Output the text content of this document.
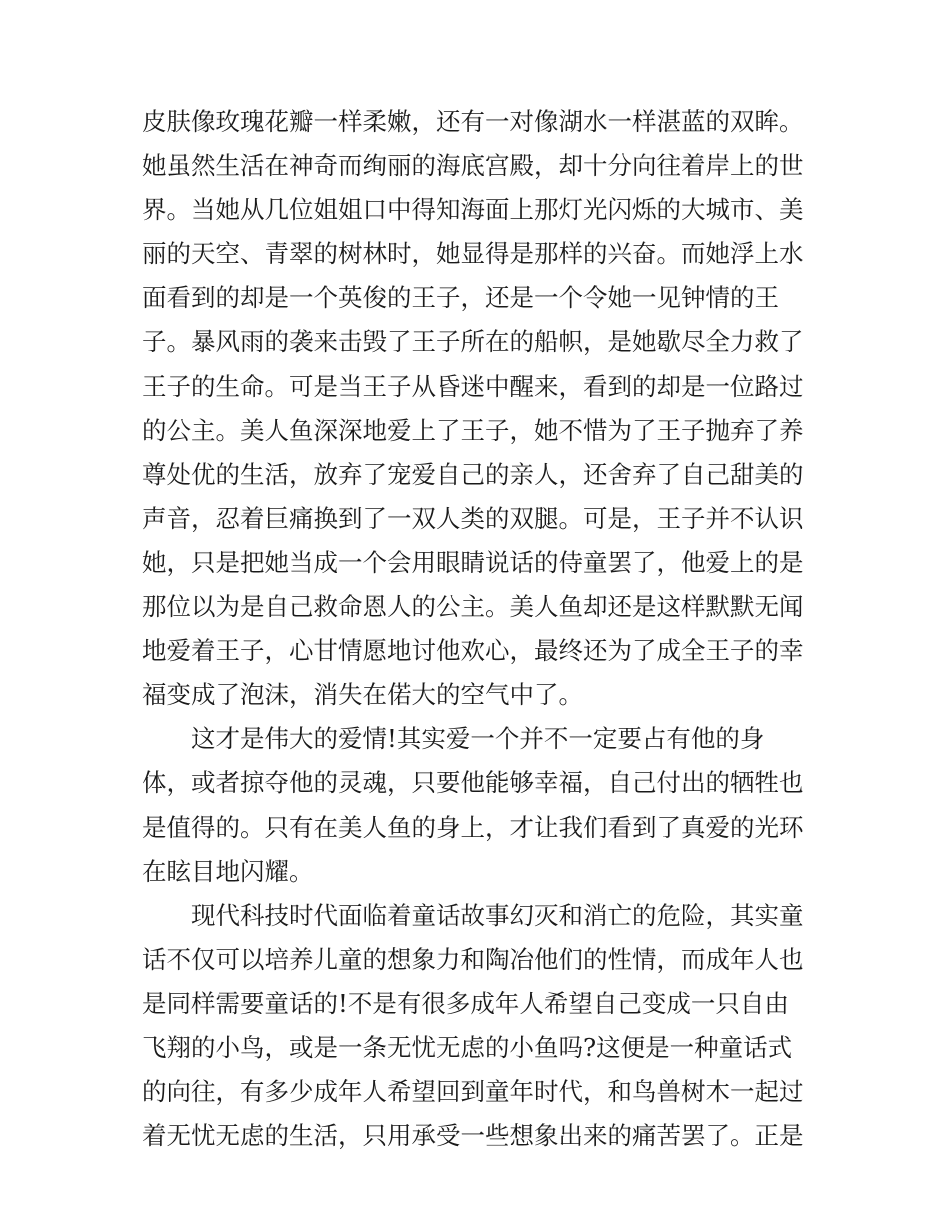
皮肤像玫瑰花瓣一样柔嫩，还有一对像湖水一样湛蓝的双眸。
她虽然生活在神奇而绚丽的海底宫殿，却十分向往着岸上的世
界。当她从几位姐姐口中得知海面上那灯光闪烁的大城市、美
丽的天空、青翠的树林时，她显得是那样的兴奋。而她浮上水
面看到的却是一个英俊的王子，还是一个令她一见钟情的王
子。暴风雨的袭来击毁了王子所在的船帜，是她歇尽全力救了
王子的生命。可是当王子从昏迷中醒来，看到的却是一位路过
的公主。美人鱼深深地爱上了王子，她不惜为了王子抛弃了养
尊处优的生活，放弃了宠爱自己的亲人，还舍弃了自己甜美的
声音，忍着巨痛换到了一双人类的双腿。可是，王子并不认识
她，只是把她当成一个会用眼睛说话的侍童罢了，他爱上的是
那位以为是自己救命恩人的公主。美人鱼却还是这样默默无闻
地爱着王子，心甘情愿地讨他欢心，最终还为了成全王子的幸
福变成了泡沫，消失在偌大的空气中了。
这才是伟大的爱情!其实爱一个并不一定要占有他的身
体，或者掠夺他的灵魂，只要他能够幸福，自己付出的牺牲也
是值得的。只有在美人鱼的身上，才让我们看到了真爱的光环
在眩目地闪耀。
现代科技时代面临着童话故事幻灭和消亡的危险，其实童
话不仅可以培养儿童的想象力和陶冶他们的性情，而成年人也
是同样需要童话的!不是有很多成年人希望自己变成一只自由
飞翔的小鸟，或是一条无忧无虑的小鱼吗?这便是一种童话式
的向往，有多少成年人希望回到童年时代，和鸟兽树木一起过
着无忧无虑的生活，只用承受一些想象出来的痛苦罢了。正是
